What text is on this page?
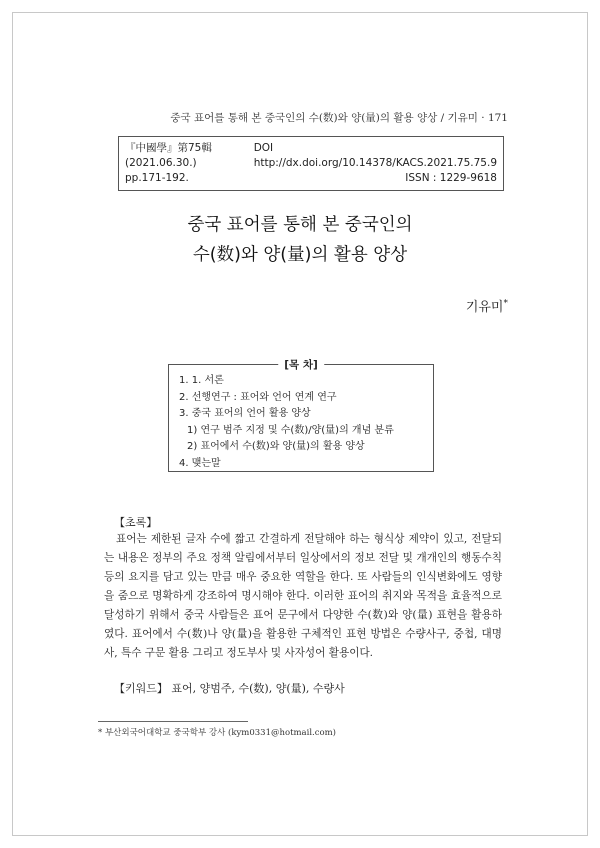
중국 표어를 통해 본 중국인의 수(数)와 양(量)의 활용 양상 / 기유미 · 171
『中國學』第75輯 (2021.06.30.)
DOI http://dx.doi.org/10.14378/KACS.2021.75.75.9
pp.171-192.	ISSN : 1229-9618
중국 표어를 통해 본 중국인의
수(数)와 양(量)의 활용 양상
기유미*
[목 차]
1. 1. 서론
2. 선행연구 : 표어와 언어 연계 연구
3. 중국 표어의 언어 활용 양상
1) 연구 범주 지정 및 수(数)/양(量)의 개념 분류
2) 표어에서 수(数)와 양(量)의 활용 양상
4. 맺는말
【초록】

표어는 제한된 글자 수에 짧고 간결하게 전달해야 하는 형식상 제약이 있고, 전달되는 내용은 정부의 주요 정책 알림에서부터 일상에서의 정보 전달 및 개개인의 행동수칙 등의 요지를 담고 있는 만큼 매우 중요한 역할을 한다. 또 사람들의 인식변화에도 영향을 줌으로 명확하게 강조하여 명시해야 한다. 이러한 표어의 취지와 목적을 효율적으로 달성하기 위해서 중국 사람들은 표어 문구에서 다양한 수(数)와 양(量) 표현을 활용하였다. 표어에서 수(数)나 양(量)을 활용한 구체적인 표현 방법은 수량사구, 중첩, 대명사, 특수 구문 활용 그리고 정도부사 및 사자성어 활용이다.

【키워드】 표어, 양범주, 수(数), 양(量), 수량사
* 부산외국어대학교 중국학부 강사 (kym0331@hotmail.com)
